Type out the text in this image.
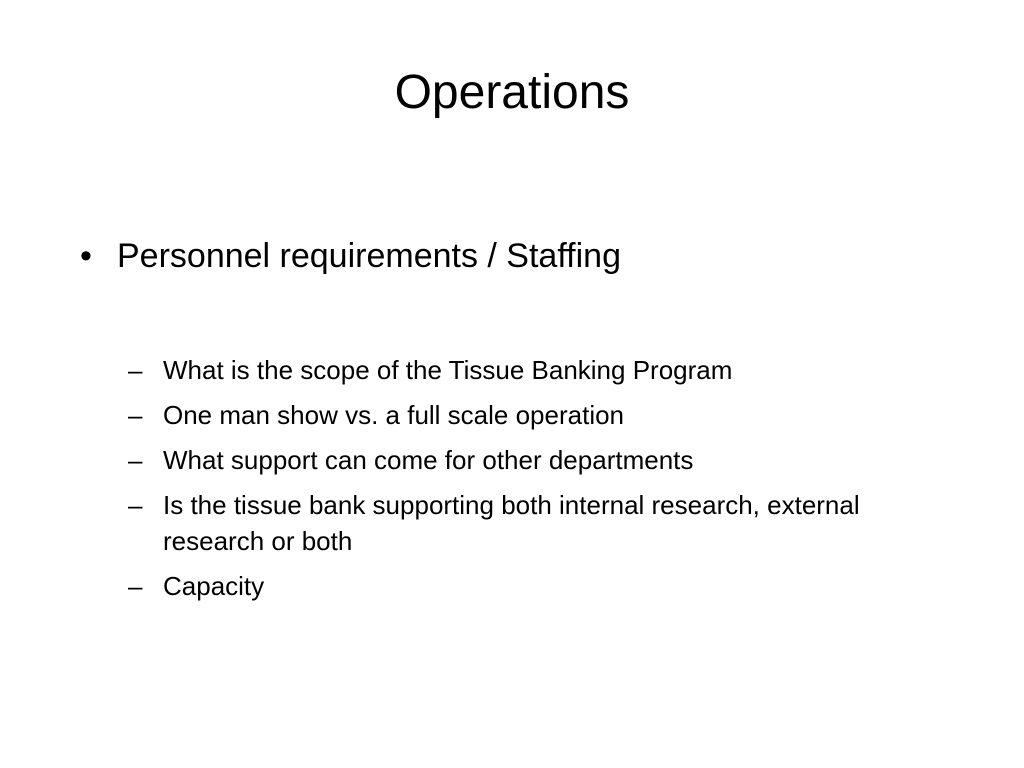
Operations
• Personnel requirements / Staffing
– What is the scope of the Tissue Banking Program
– One man show vs. a full scale operation
– What support can come for other departments
– Is the tissue bank supporting both internal research, external research or both
– Capacity
